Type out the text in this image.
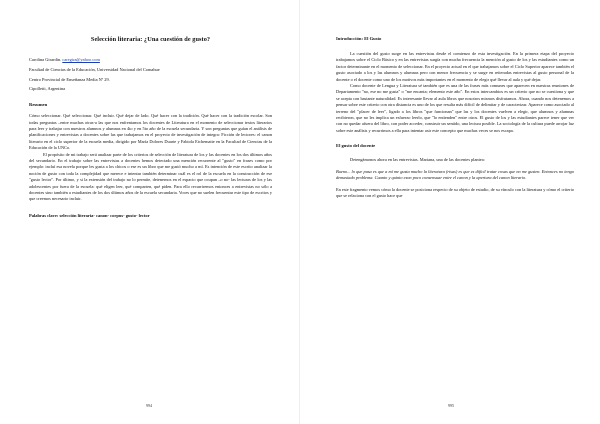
Selección literaria: ¿Una cuestión de gusto?

Carolina Girardin. caregira@yahoo.com

Facultad de Ciencias de la Educación, Universidad Nacional del Comahue

Centro Provincial de Enseñanza Media Nº 29.

Cipolletti, Argentina

Resumen

Cómo seleccionar. Qué seleccionar. Qué incluir. Qué dejar de lado. Qué hacer con la tradición. Qué hacer con la tradición escolar. Son todas preguntas –entre muchas otras-a las que nos enfrentamos los docentes de Literatura en el momento de seleccionar textos literarios para leer y trabajar con nuestros alumnos y alumnas en 4to y en 5to año de la escuela secundaria. Y son preguntas que guían el análisis de planificaciones y entrevistas a docentes sobre las que trabajamos en el proyecto de investigación de integra: Ficción de lectores: el canon literario en el ciclo superior de la escuela media, dirigido por María Dolores Duarte y Fabiola Etchemaite en la Facultad de Ciencias de la Educación de la UNCo.

El propósito de mi trabajo será analizar parte de los criterios de selección de literatura de los y las docentes en los dos últimos años del secundario. En el trabajo sobre las entrevistas a docentes hemos detectado una mención recurrente al "gusto" en frases como por ejemplo: incluí esa novela porque les gusta a los chicos o ese es un libro que me gustó mucho a mí. Es intención de este escrito analizar la noción de gusto con toda la complejidad que merece e intentar también determinar cuál es el rol de la escuela en la construcción de ese "gusto lector". Por último, y si la extensión del trabajo no lo permite, detenernos en el espacio que ocupan –o no- las lecturas de los y las adolescentes por fuera de la escuela: qué eligen leer, qué comparten, qué piden. Para ello recurriremos entonces a entrevistas no sólo a docentes sino también a estudiantes de los dos últimos años de la escuela secundaria. Voces que no suelen frecuentar este tipo de escritos y que creemos necesario incluir.

Palabras clave: selección literaria- canon- corpus- gusto- lector

994

Introducción: El Gusto

La cuestión del gusto surge en las entrevistas desde el comienzo de esta investigación. En la primera etapa del proyecto trabajamos sobre el Ciclo Básico y en las entrevistas surgía con mucha frecuencia la mención al gusto de los y las estudiantes como un factor determinante en el momento de seleccionar. En el proyecto actual en el que trabajamos sobre el Ciclo Superior aparece también el gusto asociado a los y las alumnos y alumnas pero con menor frecuencia y se surge en reiteradas entrevistas al gusto personal de la docente o el docente como uno de los motivos más importantes en el momento de elegir qué llevar al aula y qué dejar.

Como docente de Lengua y Literatura sé también que es una de las frases más comunes que aparecen en nuestras reuniones de Departamento "no, ese no me gusta" o "me encanta; elemento este año". En estos intercambios es un criterio que no se cuestiona y que se acepta con bastante naturalidad. Es interesante llevar al aula libros que nosotros mismos disfrutamos. Ahora, cuando nos detenemos a pensar sobre este criterio con otra distancia es uno de los que resulta más difícil de delimitar y de caracterizar. Aparece como asociado al terreno del "placer de leer", ligado a los libros "que funcionan" que las y los docentes vuelven a elegir, que alumnos y alumnas recibieron, que no les implica un esfuerzo leerlo, que "lo entienden" entre otros. El gusto de los y las estudiantes parece tener que ver con no quedar afuera del libro, con poder acceder, construir un sentido, una lectura posible. La sociología de la cultura puede arrojar luz sobre este análisis y recurrimos a ella para intentar asir este concepto que muchas veces se nos escapa.

El gusto del docente

Detengámonos ahora en las entrevistas. Mariana, una de las docentes plantea:

Bueno... lo que pasa es que a mí me gusta mucho la literatura (risas) es que es difícil tratar cosas que no me gusten. Entonces no tengo demasiado problema. Cuanto y quinto eson poco consensuar entre el canon y la apertura del canon literario.

En este fragmento vemos cómo la docente se posiciona respecto de su objeto de estudio, de su vínculo con la literatura y cómo el criterio que se relaciona con el gusto hace que

995
